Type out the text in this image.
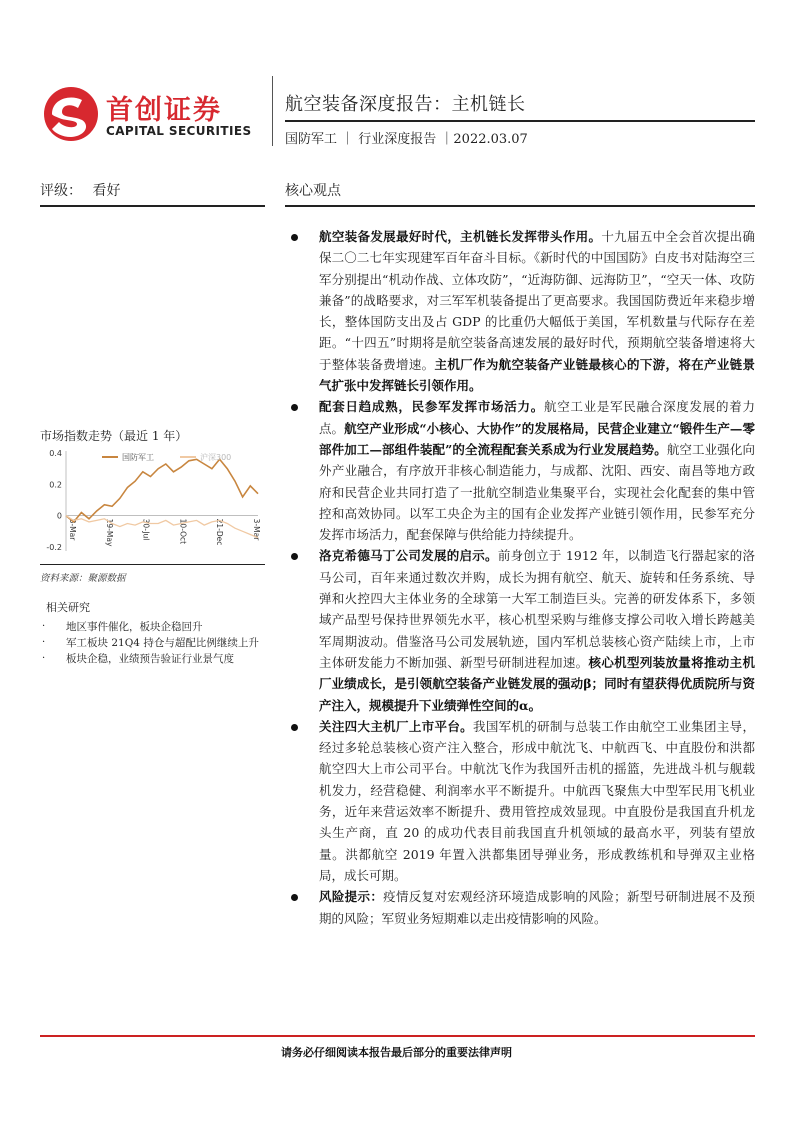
首创证券
CAPITAL SECURITIES
航空装备深度报告：主机链长
国防军工 ｜ 行业深度报告 ｜2022.03.07
评级： 看好	核心观点
航空装备发展最好时代，主机链长发挥带头作用。十九届五中全会首次提出确保二〇二七年实现建军百年奋斗目标。《新时代的中国国防》白皮书对陆海空三军分别提出“机动作战、立体攻防”，“近海防御、远海防卫”，“空天一体、攻防兼备”的战略要求，对三军军机装备提出了更高要求。我国国防费近年来稳步增长，整体国防支出及占 GDP 的比重仍大幅低于美国，军机数量与代际存在差距。“十四五”时期将是航空装备高速发展的最好时代，预期航空装备增速将大于整体装备费增速。主机厂作为航空装备产业链最核心的下游，将在产业链景气扩张中发挥链长引领作用。
配套日趋成熟，民参军发挥市场活力。航空工业是军民融合深度发展的着力点。航空产业形成“小核心、大协作”的发展格局，民营企业建立“锻件生产—零部件加工—部组件装配”的全流程配套关系成为行业发展趋势。航空工业强化向外产业融合，有序放开非核心制造能力，与成都、沈阳、西安、南昌等地方政府和民营企业共同打造了一批航空制造业集聚平台，实现社会化配套的集中管控和高效协同。以军工央企为主的国有企业发挥产业链引领作用，民参军充分发挥市场活力，配套保障与供给能力持续提升。
洛克希德马丁公司发展的启示。前身创立于 1912 年，以制造飞行器起家的洛马公司，百年来通过数次并购，成长为拥有航空、航天、旋转和任务系统、导弹和火控四大主体业务的全球第一大军工制造巨头。完善的研发体系下，多领域产品型号保持世界领先水平，核心机型采购与维修支撑公司收入增长跨越美军周期波动。借鉴洛马公司发展轨迹，国内军机总装核心资产陆续上市，上市主体研发能力不断加强、新型号研制进程加速。核心机型列装放量将推动主机厂业绩成长，是引领航空装备产业链发展的强动β；同时有望获得优质院所与资产注入，规模提升下业绩弹性空间的α。
关注四大主机厂上市平台。我国军机的研制与总装工作由航空工业集团主导，经过多轮总装核心资产注入整合，形成中航沈飞、中航西飞、中直股份和洪都航空四大上市公司平台。中航沈飞作为我国歼击机的摇篮，先进战斗机与舰载机发力，经营稳健、利润率水平不断提升。中航西飞聚焦大中型军民用飞机业务，近年来营运效率不断提升、费用管控成效显现。中直股份是我国直升机龙头生产商，直 20 的成功代表目前我国直升机领域的最高水平，列装有望放量。洪都航空 2019 年置入洪都集团导弹业务，形成教练机和导弹双主业格局，成长可期。
风险提示：疫情反复对宏观经济环境造成影响的风险；新型号研制进展不及预期的风险；军贸业务短期难以走出疫情影响的风险。
市场指数走势（最近 1 年）
0.4
0.2
0
-0.2
8-Mar	19-May	30-Jul	10-Oct	21-Dec	3-Mar
国防军工	沪深300
资料来源：聚源数据
相关研究
· 地区事件催化，板块企稳回升
· 军工板块 21Q4 持仓与超配比例继续上升
· 板块企稳，业绩预告验证行业景气度
请务必仔细阅读本报告最后部分的重要法律声明
